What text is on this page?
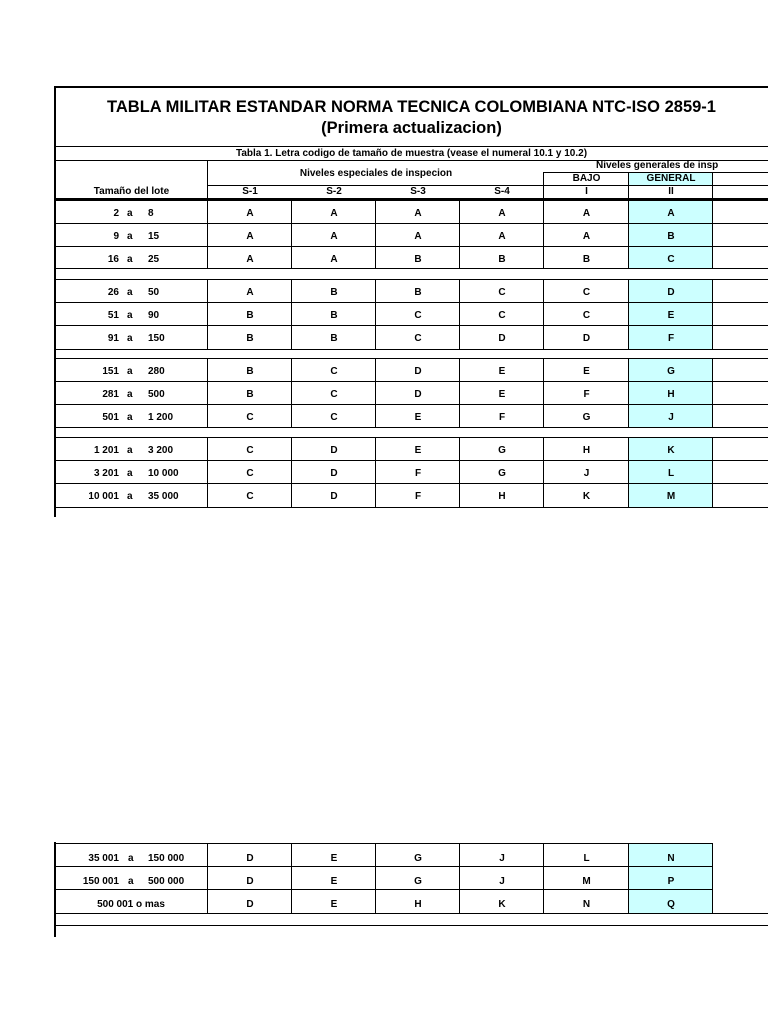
TABLA MILITAR ESTANDAR NORMA TECNICA COLOMBIANA NTC-ISO 2859-1
(Primera actualizacion)
Tabla 1. Letra codigo de tamaño de muestra (vease el numeral 10.1 y 10.2)
Niveles generales de insp
Niveles especiales de inspecion	BAJO	GENERAL
Tamaño del lote	S-1	S-2	S-3	S-4	I	II
2 a 8	A	A	A	A	A	A
9 a 15	A	A	A	A	A	B
16 a 25	A	A	B	B	B	C
26 a 50	A	B	B	C	C	D
51 a 90	B	B	C	C	C	E
91 a 150	B	B	C	D	D	F
151 a 280	B	C	D	E	E	G
281 a 500	B	C	D	E	F	H
501 a 1 200	C	C	E	F	G	J
1 201 a 3 200	C	D	E	G	H	K
3 201 a 10 000	C	D	F	G	J	L
10 001 a 35 000	C	D	F	H	K	M
35 001 a 150 000	D	E	G	J	L	N
150 001 a 500 000	D	E	G	J	M	P
500 001 o mas	D	E	H	K	N	Q
